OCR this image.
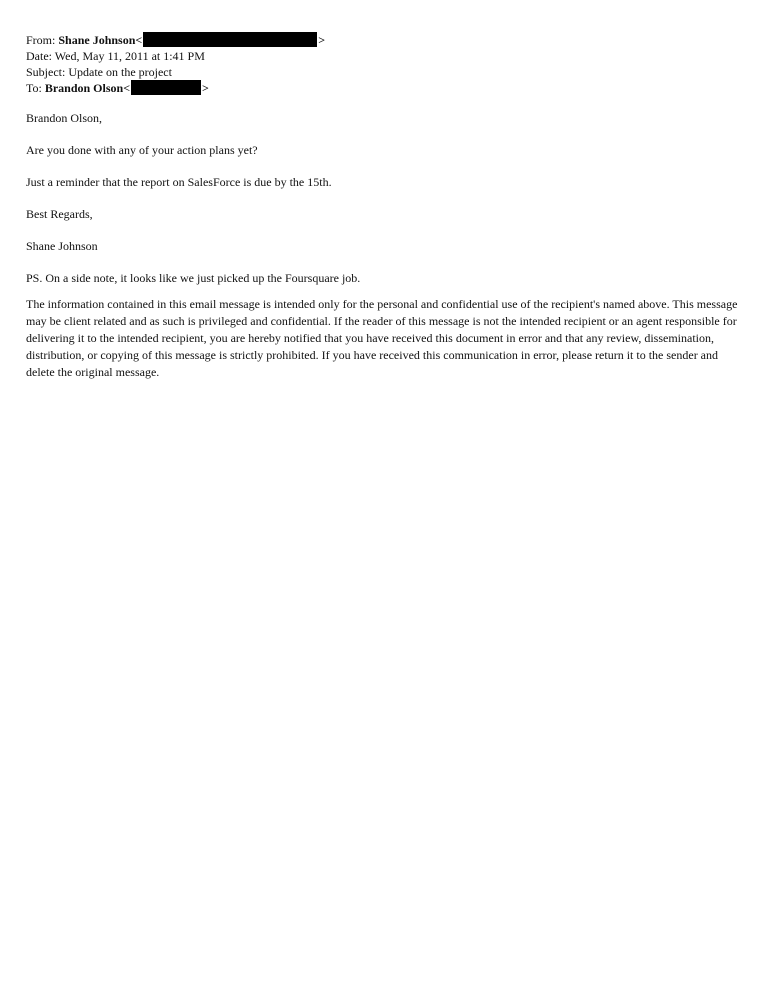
From: Shane Johnson<	>
Date: Wed, May 11, 2011 at 1:41 PM
Subject: Update on the project
To: Brandon Olson<	>

Brandon Olson,

Are you done with any of your action plans yet?

Just a reminder that the report on SalesForce is due by the 15th.

Best Regards,

Shane Johnson

PS. On a side note, it looks like we just picked up the Foursquare job.

The information contained in this email message is intended only for the personal and confidential use of the recipient's named above. This message may be client related and as such is privileged and confidential. If the reader of this message is not the intended recipient or an agent responsible for delivering it to the intended recipient, you are hereby notified that you have received this document in error and that any review, dissemination, distribution, or copying of this message is strictly prohibited. If you have received this communication in error, please return it to the sender and delete the original message.
